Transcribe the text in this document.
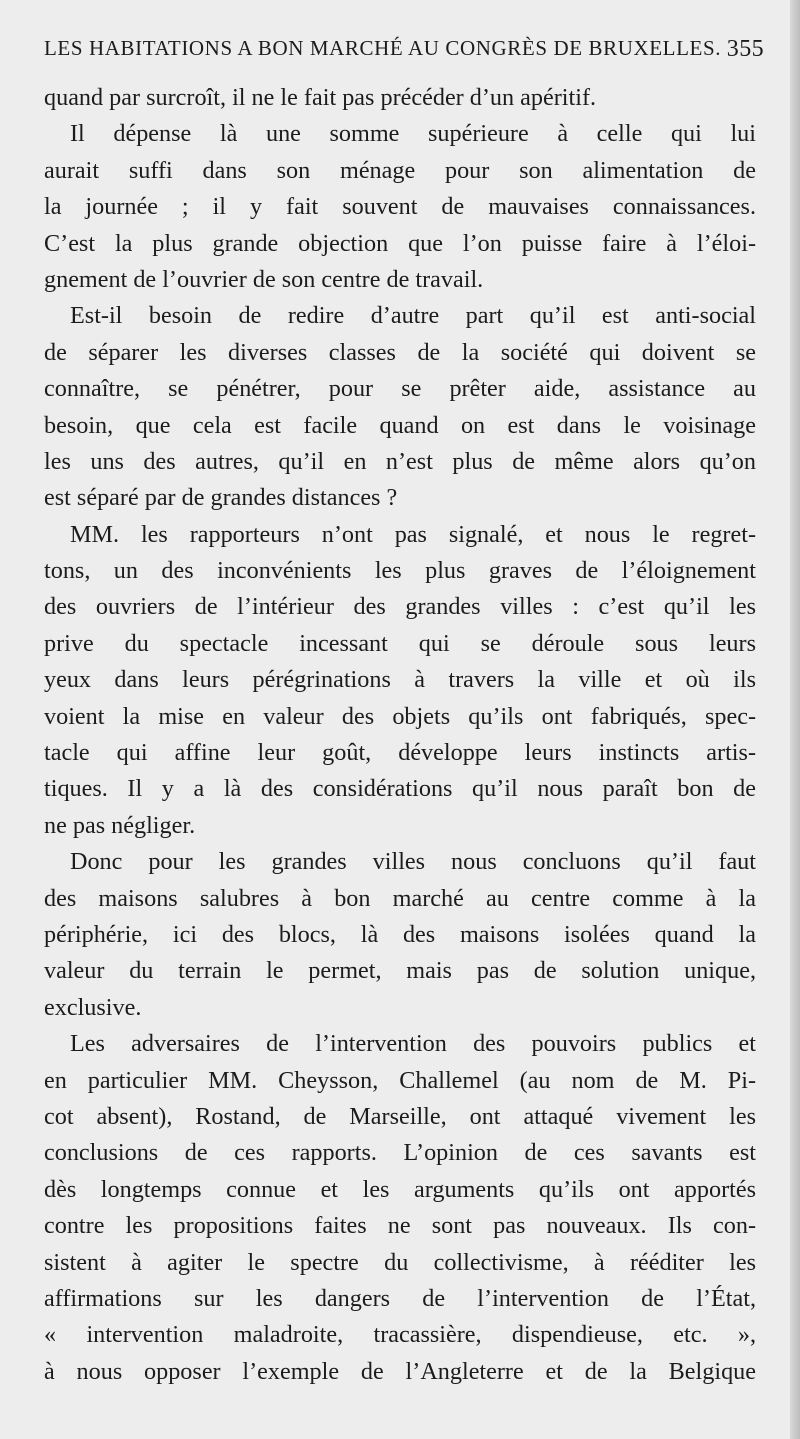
LES HABITATIONS A BON MARCHÉ AU CONGRÈS DE BRUXELLES. 355
quand par surcroît, il ne le fait pas précéder d’un apéritif.
Il dépense là une somme supérieure à celle qui lui
aurait suffi dans son ménage pour son alimentation de
la journée ; il y fait souvent de mauvaises connaissances.
C’est la plus grande objection que l’on puisse faire à l’éloi-
gnement de l’ouvrier de son centre de travail.
Est-il besoin de redire d’autre part qu’il est anti-social
de séparer les diverses classes de la société qui doivent se
connaître, se pénétrer, pour se prêter aide, assistance au
besoin, que cela est facile quand on est dans le voisinage
les uns des autres, qu’il en n’est plus de même alors qu’on
est séparé par de grandes distances ?
MM. les rapporteurs n’ont pas signalé, et nous le regret-
tons, un des inconvénients les plus graves de l’éloignement
des ouvriers de l’intérieur des grandes villes : c’est qu’il les
prive du spectacle incessant qui se déroule sous leurs
yeux dans leurs pérégrinations à travers la ville et où ils
voient la mise en valeur des objets qu’ils ont fabriqués, spec-
tacle qui affine leur goût, développe leurs instincts artis-
tiques. Il y a là des considérations qu’il nous paraît bon de
ne pas négliger.
Donc pour les grandes villes nous concluons qu’il faut
des maisons salubres à bon marché au centre comme à la
périphérie, ici des blocs, là des maisons isolées quand la
valeur du terrain le permet, mais pas de solution unique,
exclusive.
Les adversaires de l’intervention des pouvoirs publics et
en particulier MM. Cheysson, Challemel (au nom de M. Pi-
cot absent), Rostand, de Marseille, ont attaqué vivement les
conclusions de ces rapports. L’opinion de ces savants est
dès longtemps connue et les arguments qu’ils ont apportés
contre les propositions faites ne sont pas nouveaux. Ils con-
sistent à agiter le spectre du collectivisme, à rééditer les
affirmations sur les dangers de l’intervention de l’État,
« intervention maladroite, tracassière, dispendieuse, etc. »,
à nous opposer l’exemple de l’Angleterre et de la Belgique
